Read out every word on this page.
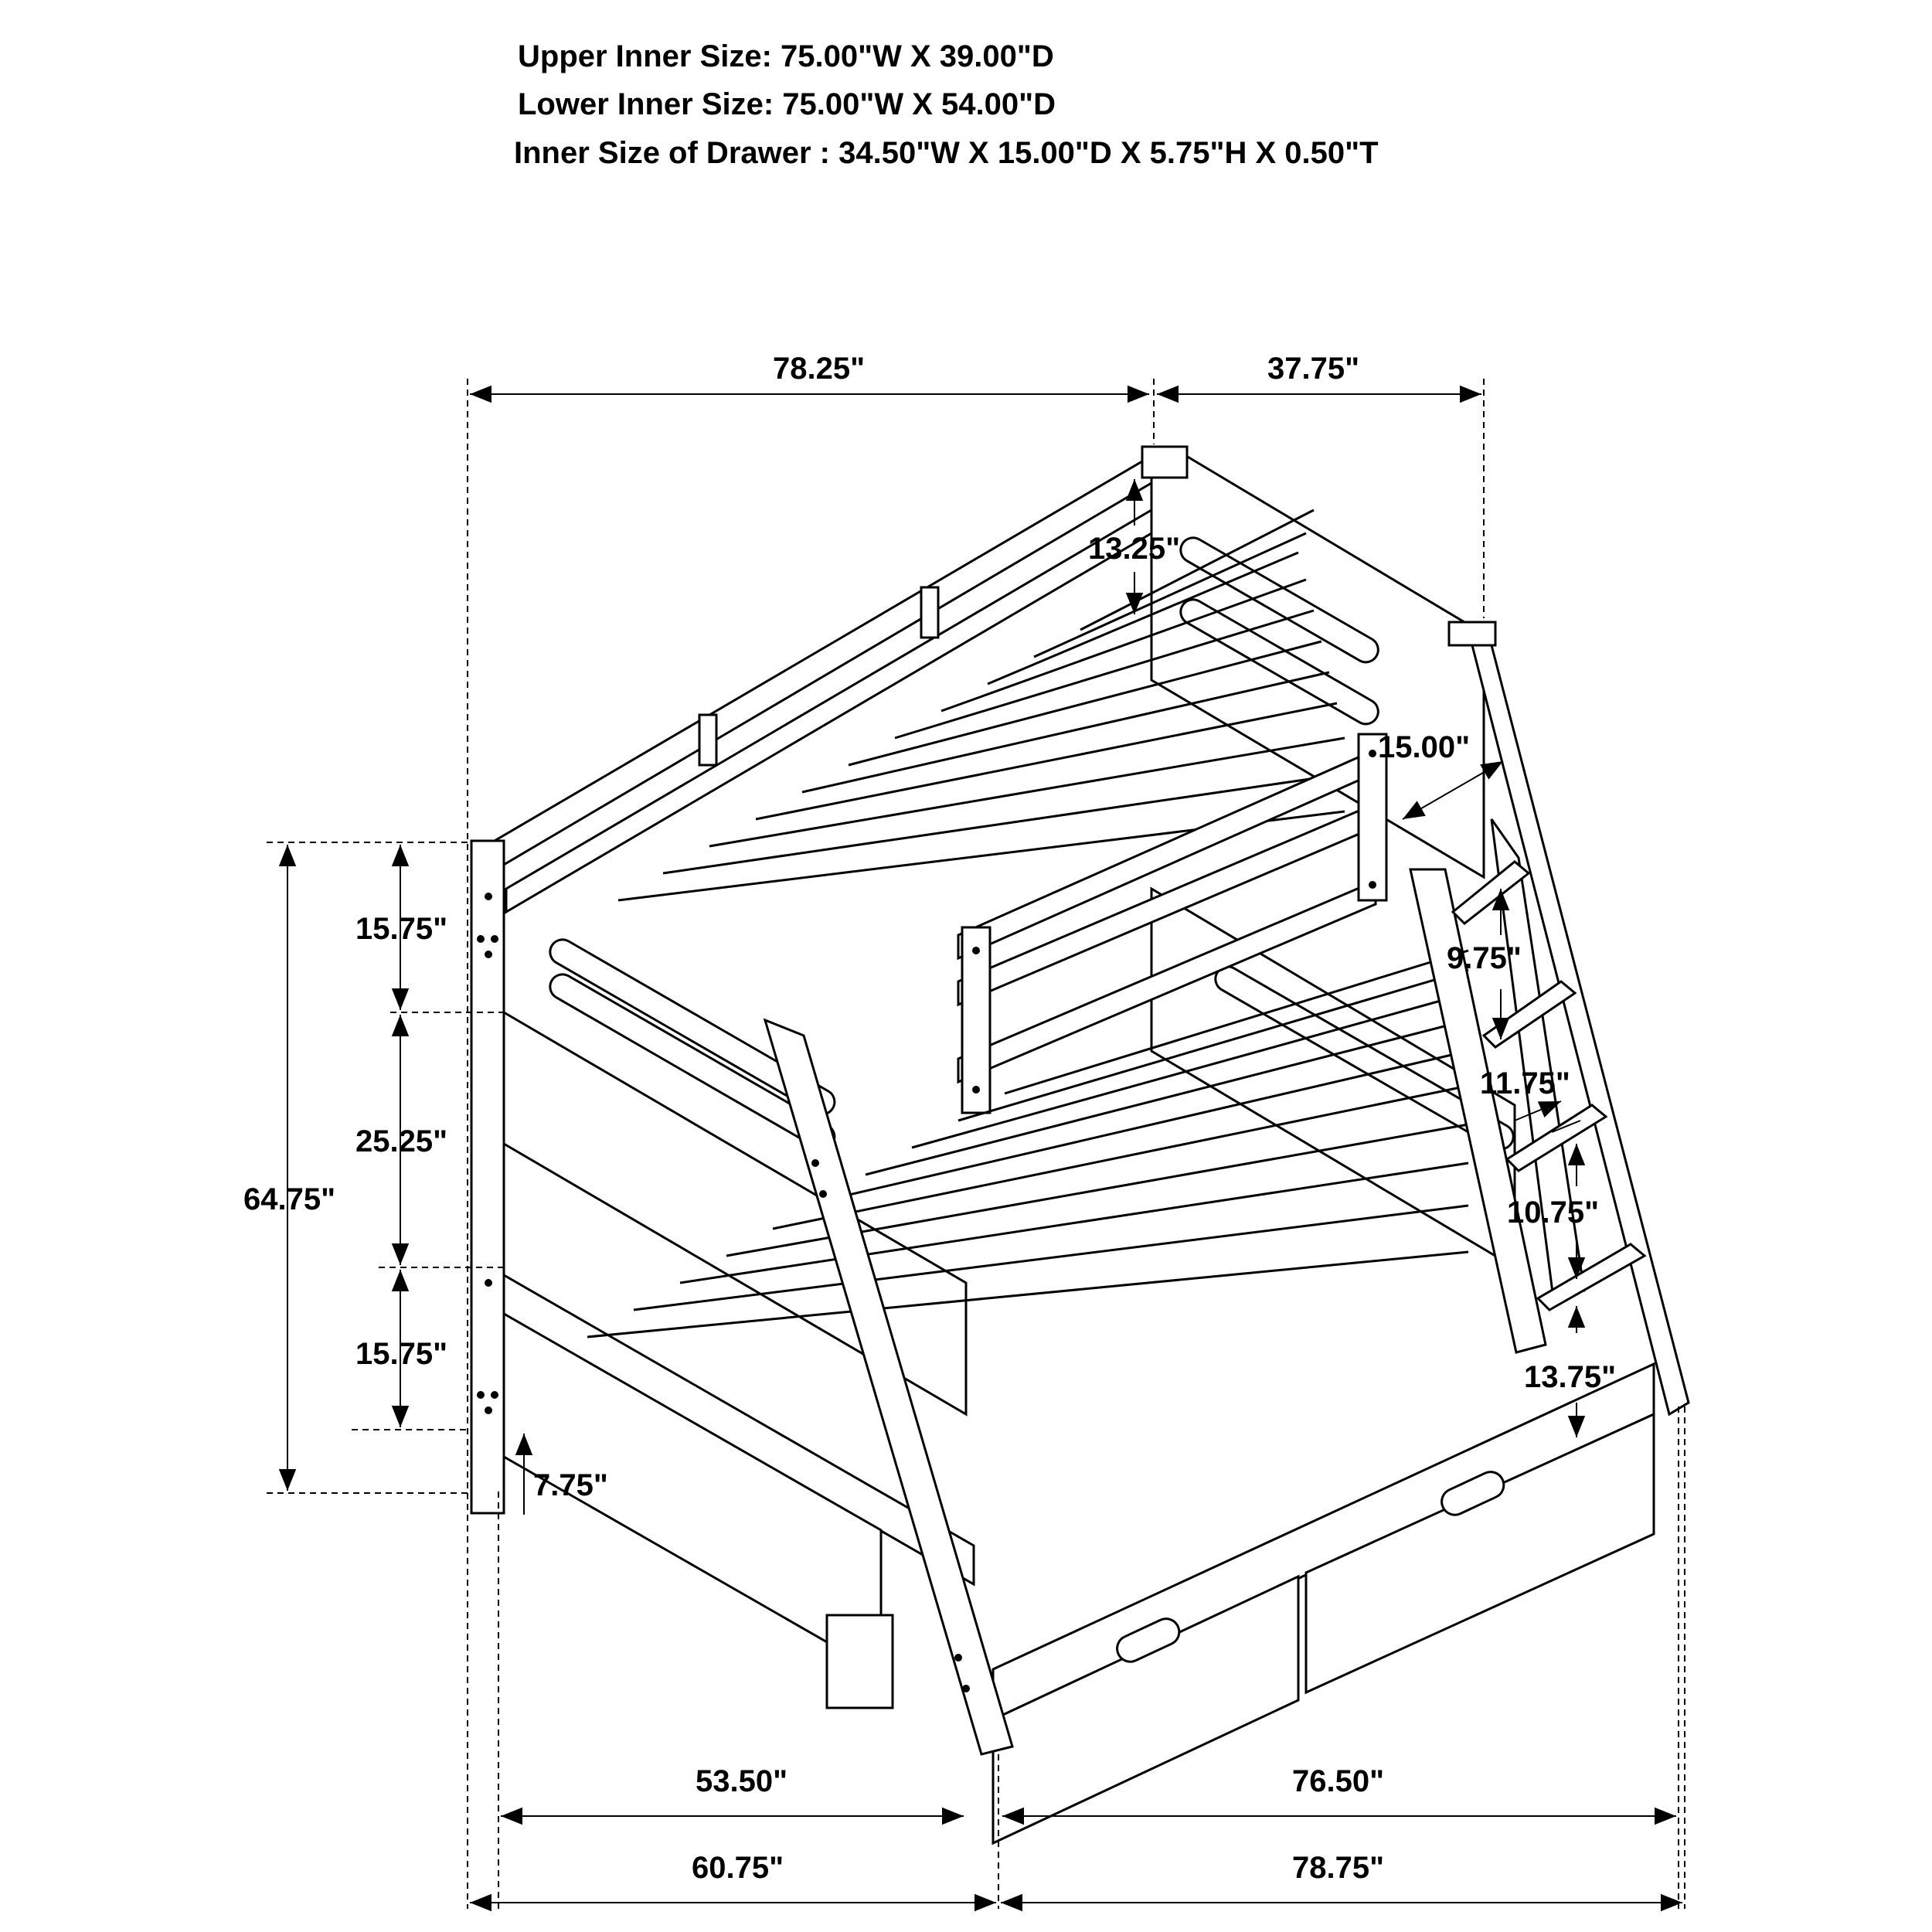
Upper Inner Size: 75.00"W X 39.00"D
Lower Inner Size: 75.00"W X 54.00"D
Inner Size of Drawer : 34.50"W X 15.00"D X 5.75"H X 0.50"T
78.25"	37.75"
13.25"
15.00"
9.75"
11.75"
10.75"
13.75"
15.75"
25.25"
15.75"
64.75"
7.75"
53.50"	76.50"
60.75"	78.75"
